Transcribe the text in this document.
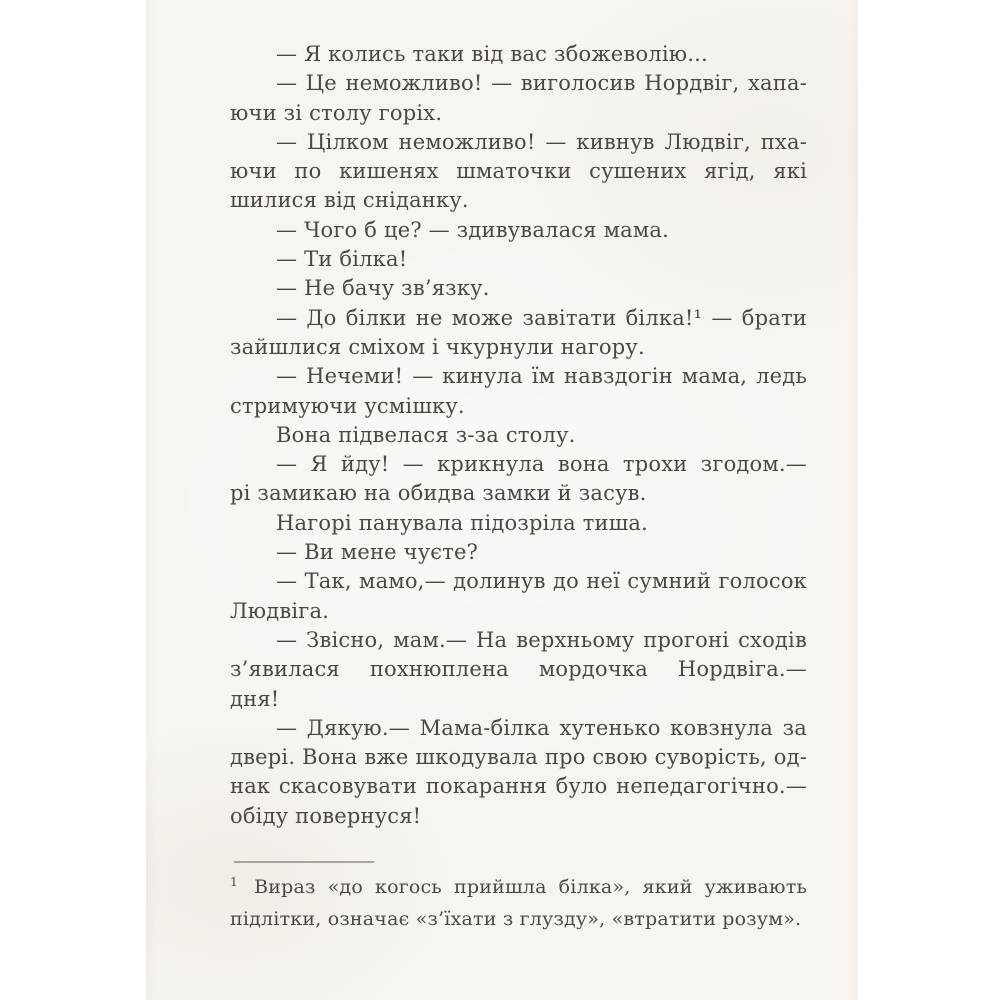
— Я колись таки від вас збожеволію...
— Це неможливо! — виголосив Нордвіг, хапа-
ючи зі столу горіх.
— Цілком неможливо! — кивнув Людвіг, пха-
ючи по кишенях шматочки сушених ягід, які
шилися від сніданку.
— Чого б це? — здивувалася мама.
— Ти білка!
— Не бачу зв’язку.
— До білки не може завітати білка!¹ — брати
зайшлися сміхом і чкурнули нагору.
— Нечеми! — кинула їм навздогін мама, ледь
стримуючи усмішку.
Вона підвелася з-за столу.
— Я йду! — крикнула вона трохи згодом.—
рі замикаю на обидва замки й засув.
Нагорі панувала підозріла тиша.
— Ви мене чуєте?
— Так, мамо,— долинув до неї сумний голосок
Людвіга.
— Звісно, мам.— На верхньому прогоні сходів
з’явилася похнюплена мордочка Нордвіга.—
дня!
— Дякую.— Мама-білка хутенько ковзнула за
двері. Вона вже шкодувала про свою суворість, од-
нак скасовувати покарання було непедагогічно.—
обіду повернуся!
$^1$ Вираз «до когось прийшла білка», який уживають
підлітки, означає «з’їхати з глузду», «втратити розум».
